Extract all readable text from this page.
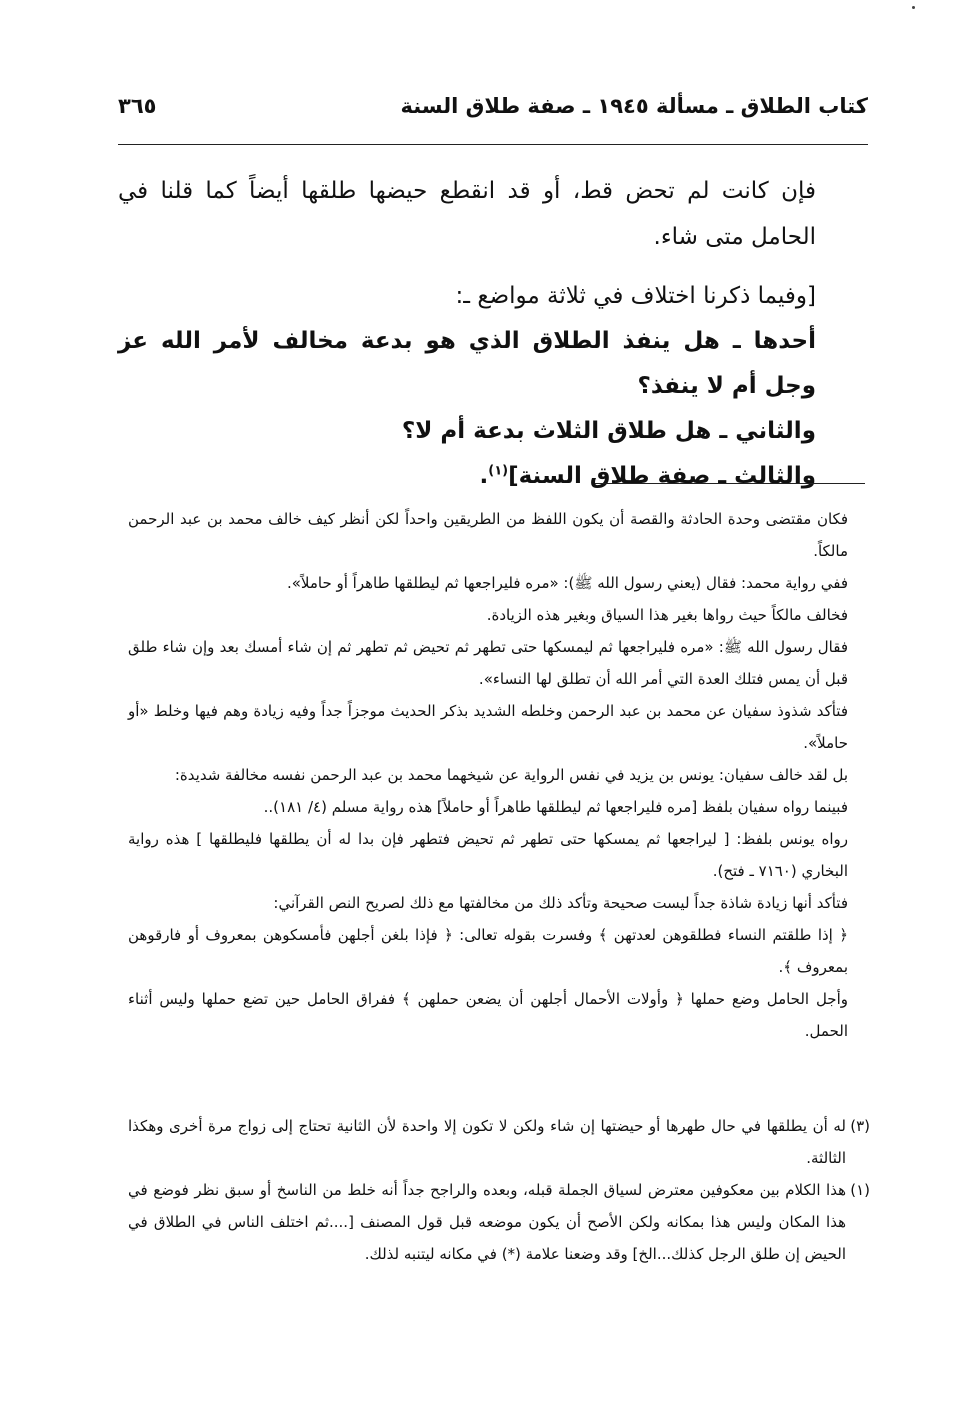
كتاب الطلاق ـ مسألة ١٩٤٥ ـ صفة طلاق السنة
٣٦٥

فإن كانت لم تحض قط، أو قد انقطع حيضها طلقها أيضاً كما قلنا في الحامل متى شاء.

[وفيما ذكرنا اختلاف في ثلاثة مواضع ـ:

أحدها ـ هل ينفذ الطلاق الذي هو بدعة مخالف لأمر الله عز وجل أم لا ينفذ؟

والثاني ـ هل طلاق الثلاث بدعة أم لا؟

والثالث ـ صفة طلاق السنة]$^{(١)}$.

فكان مقتضى وحدة الحادثة والقصة أن يكون اللفظ من الطريقين واحداً لكن أنظر كيف خالف محمد بن عبد الرحمن مالكاً.

ففي رواية محمد: فقال (يعني رسول الله ﷺ): «مره فليراجعها ثم ليطلقها طاهراً أو حاملاً».

فخالف مالكاً حيث رواها بغير هذا السياق وبغير هذه الزيادة.

فقال رسول الله ﷺ: «مره فليراجعها ثم ليمسكها حتى تطهر ثم تحيض ثم تطهر ثم إن شاء أمسك بعد وإن شاء طلق قبل أن يمس فتلك العدة التي أمر الله أن تطلق لها النساء».

فتأكد شذوذ سفيان عن محمد بن عبد الرحمن وخلطه الشديد بذكر الحديث موجزاً جداً وفيه زيادة وهم فيها وخلط «أو حاملاً».

بل لقد خالف سفيان: يونس بن يزيد في نفس الرواية عن شيخهما محمد بن عبد الرحمن نفسه مخالفة شديدة:

فبينما رواه سفيان بلفظ [مره فليراجعها ثم ليطلقها طاهراً أو حاملاً] هذه رواية مسلم (٤/ ١٨١)..

رواه يونس بلفظ: [ ليراجعها ثم يمسكها حتى تطهر ثم تحيض فتطهر فإن بدا له أن يطلقها فليطلقها ] هذه رواية البخاري (٧١٦٠ ـ فتح).

فتأكد أنها زيادة شاذة جداً ليست صحيحة وتأكد ذلك من مخالفتها مع ذلك لصريح النص القرآني:

﴿ إذا طلقتم النساء فطلقوهن لعدتهن ﴾ وفسرت بقوله تعالى: ﴿ فإذا بلغن أجلهن فأمسكوهن بمعروف أو فارقوهن بمعروف ﴾.

وأجل الحامل وضع حملها ﴿ وأولات الأحمال أجلهن أن يضعن حملهن ﴾ ففراق الحامل حين تضع حملها وليس أثناء الحمل.

(٣)
له أن يطلقها في حال طهرها أو حيضتها إن شاء ولكن لا تكون إلا واحدة لأن الثانية تحتاج إلى زواج مرة أخرى وهكذا الثالثة.
(١)
هذا الكلام بين معكوفين معترض لسياق الجملة قبله، وبعده والراجح جداً أنه خلط من الناسخ أو سبق نظر فوضع في هذا المكان وليس هذا بمكانه ولكن الأصح أن يكون موضعه قبل قول المصنف [....ثم اختلف الناس في الطلاق في الحيض إن طلق الرجل كذلك...الخ] وقد وضعنا علامة (*) في مكانه ليتنبه لذلك.
